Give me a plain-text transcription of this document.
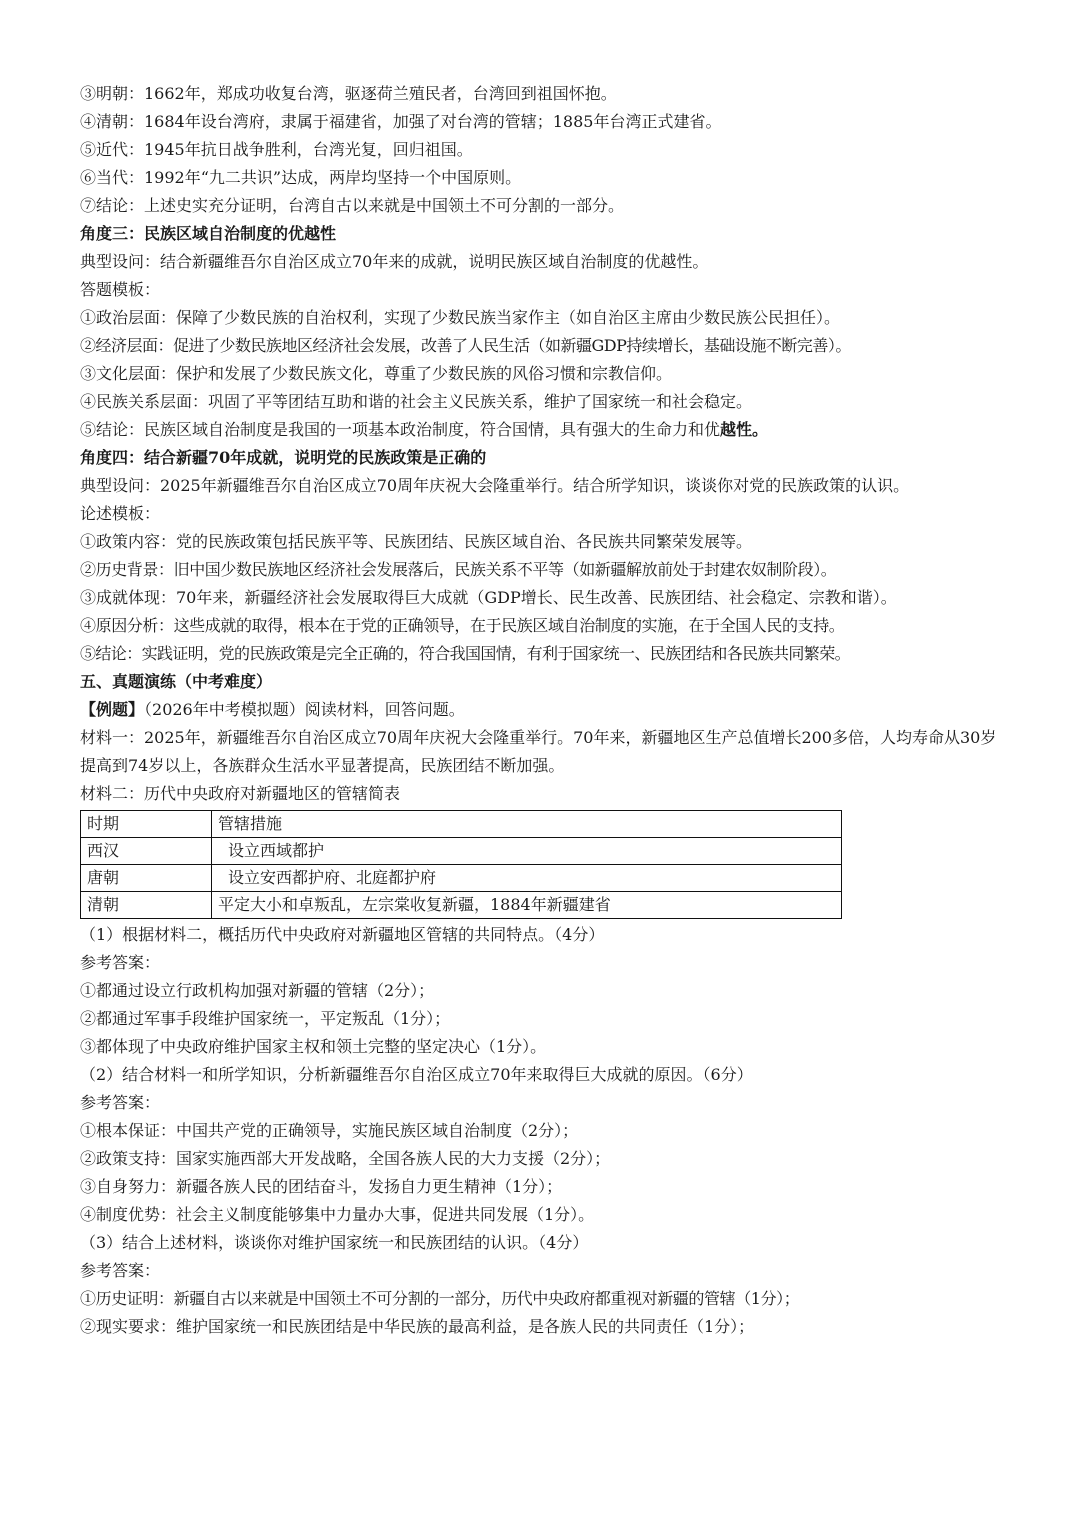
③明朝：1662年，郑成功收复台湾，驱逐荷兰殖民者，台湾回到祖国怀抱。

④清朝：1684年设台湾府，隶属于福建省，加强了对台湾的管辖；1885年台湾正式建省。

⑤近代：1945年抗日战争胜利，台湾光复，回归祖国。

⑥当代：1992年“九二共识”达成，两岸均坚持一个中国原则。

⑦结论：上述史实充分证明，台湾自古以来就是中国领土不可分割的一部分。

角度三：民族区域自治制度的优越性

典型设问：结合新疆维吾尔自治区成立70年来的成就，说明民族区域自治制度的优越性。

答题模板：

①政治层面：保障了少数民族的自治权利，实现了少数民族当家作主（如自治区主席由少数民族公民担任）。

②经济层面：促进了少数民族地区经济社会发展，改善了人民生活（如新疆GDP持续增长，基础设施不断完善）。

③文化层面：保护和发展了少数民族文化，尊重了少数民族的风俗习惯和宗教信仰。

④民族关系层面：巩固了平等团结互助和谐的社会主义民族关系，维护了国家统一和社会稳定。

⑤结论：民族区域自治制度是我国的一项基本政治制度，符合国情，具有强大的生命力和优越性。

角度四：结合新疆70年成就，说明党的民族政策是正确的

典型设问：2025年新疆维吾尔自治区成立70周年庆祝大会隆重举行。结合所学知识，谈谈你对党的民族政策的认识。

论述模板：

①政策内容：党的民族政策包括民族平等、民族团结、民族区域自治、各民族共同繁荣发展等。

②历史背景：旧中国少数民族地区经济社会发展落后，民族关系不平等（如新疆解放前处于封建农奴制阶段）。

③成就体现：70年来，新疆经济社会发展取得巨大成就（GDP增长、民生改善、民族团结、社会稳定、宗教和谐）。

④原因分析：这些成就的取得，根本在于党的正确领导，在于民族区域自治制度的实施，在于全国人民的支持。

⑤结论：实践证明，党的民族政策是完全正确的，符合我国国情，有利于国家统一、民族团结和各民族共同繁荣。

五、真题演练（中考难度）

【例题】（2026年中考模拟题）阅读材料，回答问题。

材料一：2025年，新疆维吾尔自治区成立70周年庆祝大会隆重举行。70年来，新疆地区生产总值增长200多倍，人均寿命从30岁提高到74岁以上，各族群众生活水平显著提高，民族团结不断加强。

材料二：历代中央政府对新疆地区的管辖简表

时期	管辖措施
西汉	设立西域都护
唐朝	设立安西都护府、北庭都护府
清朝	平定大小和卓叛乱，左宗棠收复新疆，1884年新疆建省

（1）根据材料二，概括历代中央政府对新疆地区管辖的共同特点。（4分）

参考答案：

①都通过设立行政机构加强对新疆的管辖（2分）；

②都通过军事手段维护国家统一，平定叛乱（1分）；

③都体现了中央政府维护国家主权和领土完整的坚定决心（1分）。

（2）结合材料一和所学知识，分析新疆维吾尔自治区成立70年来取得巨大成就的原因。（6分）

参考答案：

①根本保证：中国共产党的正确领导，实施民族区域自治制度（2分）；

②政策支持：国家实施西部大开发战略，全国各族人民的大力支援（2分）；

③自身努力：新疆各族人民的团结奋斗，发扬自力更生精神（1分）；

④制度优势：社会主义制度能够集中力量办大事，促进共同发展（1分）。

（3）结合上述材料，谈谈你对维护国家统一和民族团结的认识。（4分）

参考答案：

①历史证明：新疆自古以来就是中国领土不可分割的一部分，历代中央政府都重视对新疆的管辖（1分）；

②现实要求：维护国家统一和民族团结是中华民族的最高利益，是各族人民的共同责任（1分）；
